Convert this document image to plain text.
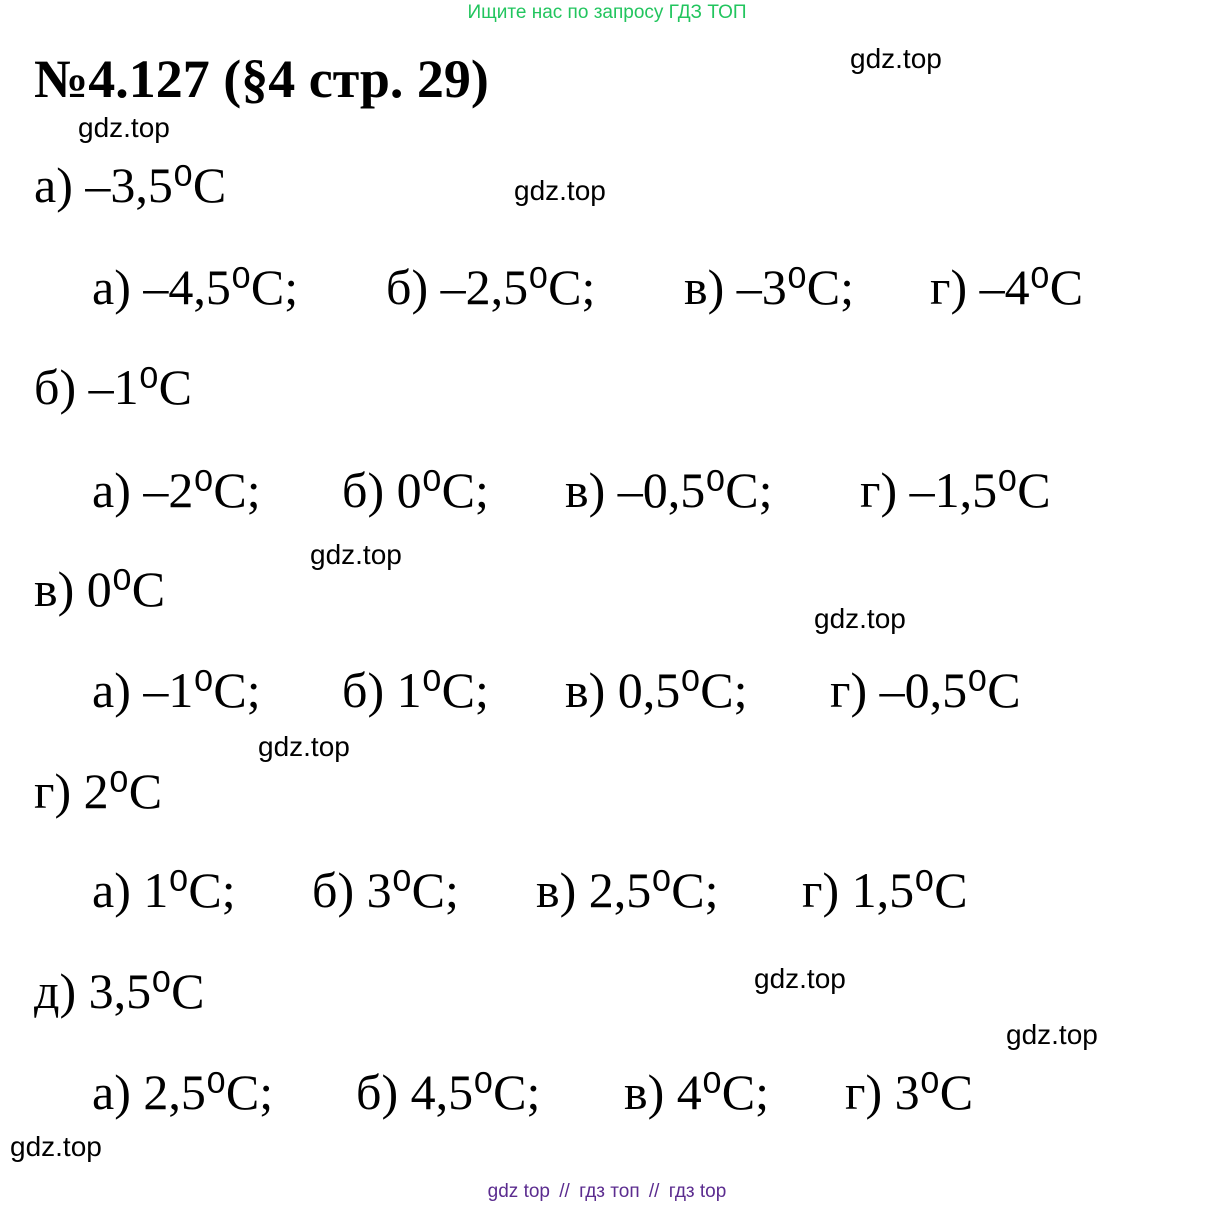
Ищите нас по запросу ГДЗ ТОП
№4.127 (§4 стр. 29)
а) –3,5⁰С
а) –4,5⁰С; б) –2,5⁰С; в) –3⁰С; г) –4⁰С
б) –1⁰С
а) –2⁰С; б) 0⁰С; в) –0,5⁰С; г) –1,5⁰С
в) 0⁰С
а) –1⁰С; б) 1⁰С; в) 0,5⁰С; г) –0,5⁰С
г) 2⁰С
а) 1⁰С; б) 3⁰С; в) 2,5⁰С; г) 1,5⁰С
д) 3,5⁰С
а) 2,5⁰С; б) 4,5⁰С; в) 4⁰С; г) 3⁰С
gdz.top
gdz.top
gdz.top
gdz.top
gdz.top
gdz.top
gdz.top
gdz.top
gdz.top
gdz top // гдз топ // гдз top
